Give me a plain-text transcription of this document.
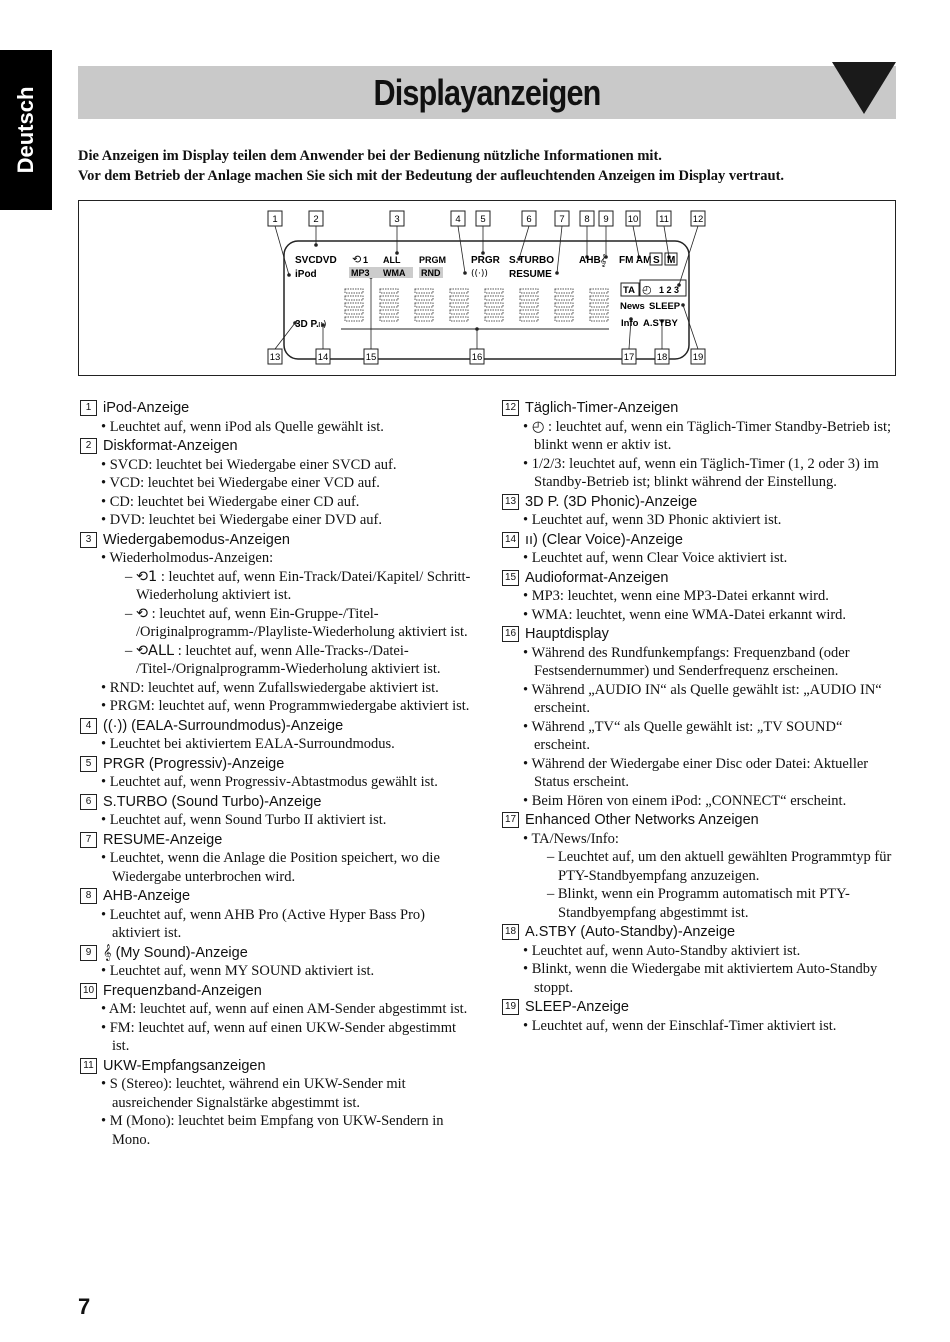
Deutsch	Displayanzeigen

Die Anzeigen im Display teilen dem Anwender bei der Bedienung nützliche Informationen mit.

Vor dem Betrieb der Anlage machen Sie sich mit der Bedeutung der aufleuchtenden Anzeigen im Display vertraut.

1	2	3	4 5	6	7 8 9 10 11	12
13	14	15	16	17 18	19
SVCDVD
iPod
⟲ 1 ALL PRGM
MP3 WMA RND	((·))
PRGR S.TURBO
RESUME
AHB 𝄞 FM AM S M
TA ◴ 1 2 3
News SLEEP
Info A.STBY
3D P. ıı)
1 iPod-Anzeige

• Leuchtet auf, wenn iPod als Quelle gewählt ist.

2 Diskformat-Anzeigen

• SVCD: leuchtet bei Wiedergabe einer SVCD auf.

• VCD: leuchtet bei Wiedergabe einer VCD auf.

• CD: leuchtet bei Wiedergabe einer CD auf.

• DVD: leuchtet bei Wiedergabe einer DVD auf.

3 Wiedergabemodus-Anzeigen

• Wiederholmodus-Anzeigen:

– ⟲1 : leuchtet auf, wenn Ein-Track/Datei/Kapitel/ Schritt-Wiederholung aktiviert ist.

– ⟲ : leuchtet auf, wenn Ein-Gruppe-/Titel- /Originalprogramm-/Playliste-Wiederholung aktiviert ist.

– ⟲ALL : leuchtet auf, wenn Alle-Tracks-/Datei- /Titel-/Orignalprogramm-Wiederholung aktiviert ist.

• RND: leuchtet auf, wenn Zufallswiedergabe aktiviert ist.

• PRGM: leuchtet auf, wenn Programmwiedergabe aktiviert ist.

4 ((·)) (EALA-Surroundmodus)-Anzeige

• Leuchtet bei aktiviertem EALA-Surroundmodus.

5 PRGR (Progressiv)-Anzeige

• Leuchtet auf, wenn Progressiv-Abtastmodus gewählt ist.

6 S.TURBO (Sound Turbo)-Anzeige

• Leuchtet auf, wenn Sound Turbo II aktiviert ist.

7 RESUME-Anzeige

• Leuchtet, wenn die Anlage die Position speichert, wo die Wiedergabe unterbrochen wird.

8 AHB-Anzeige

• Leuchtet auf, wenn AHB Pro (Active Hyper Bass Pro) aktiviert ist.

9 𝄞 (My Sound)-Anzeige

• Leuchtet auf, wenn MY SOUND aktiviert ist.

10 Frequenzband-Anzeigen

• AM: leuchtet auf, wenn auf einen AM-Sender abgestimmt ist.

• FM: leuchtet auf, wenn auf einen UKW-Sender abgestimmt ist.

11 UKW-Empfangsanzeigen

• S (Stereo): leuchtet, während ein UKW-Sender mit ausreichender Signalstärke abgestimmt ist.

• M (Mono): leuchtet beim Empfang von UKW-Sendern in Mono.

12 Täglich-Timer-Anzeigen

• ◴ : leuchtet auf, wenn ein Täglich-Timer Standby-Betrieb ist; blinkt wenn er aktiv ist.

• 1/2/3: leuchtet auf, wenn ein Täglich-Timer (1, 2 oder 3) im Standby-Betrieb ist; blinkt während der Einstellung.

13 3D P. (3D Phonic)-Anzeige

• Leuchtet auf, wenn 3D Phonic aktiviert ist.

14 ıı) (Clear Voice)-Anzeige

• Leuchtet auf, wenn Clear Voice aktiviert ist.

15 Audioformat-Anzeigen

• MP3: leuchtet, wenn eine MP3-Datei erkannt wird.

• WMA: leuchtet, wenn eine WMA-Datei erkannt wird.

16 Hauptdisplay

• Während des Rundfunkempfangs: Frequenzband (oder Festsendernummer) und Senderfrequenz erscheinen.

• Während „AUDIO IN“ als Quelle gewählt ist: „AUDIO IN“ erscheint.

• Während „TV“ als Quelle gewählt ist: „TV SOUND“ erscheint.

• Während der Wiedergabe einer Disc oder Datei: Aktueller Status erscheint.

• Beim Hören von einem iPod: „CONNECT“ erscheint.

17 Enhanced Other Networks Anzeigen

• TA/News/Info:

– Leuchtet auf, um den aktuell gewählten Programmtyp für PTY-Standbyempfang anzuzeigen.

– Blinkt, wenn ein Programm automatisch mit PTY-Standbyempfang abgestimmt ist.

18 A.STBY (Auto-Standby)-Anzeige

• Leuchtet auf, wenn Auto-Standby aktiviert ist.

• Blinkt, wenn die Wiedergabe mit aktiviertem Auto-Standby stoppt.

19 SLEEP-Anzeige

• Leuchtet auf, wenn der Einschlaf-Timer aktiviert ist.

7
